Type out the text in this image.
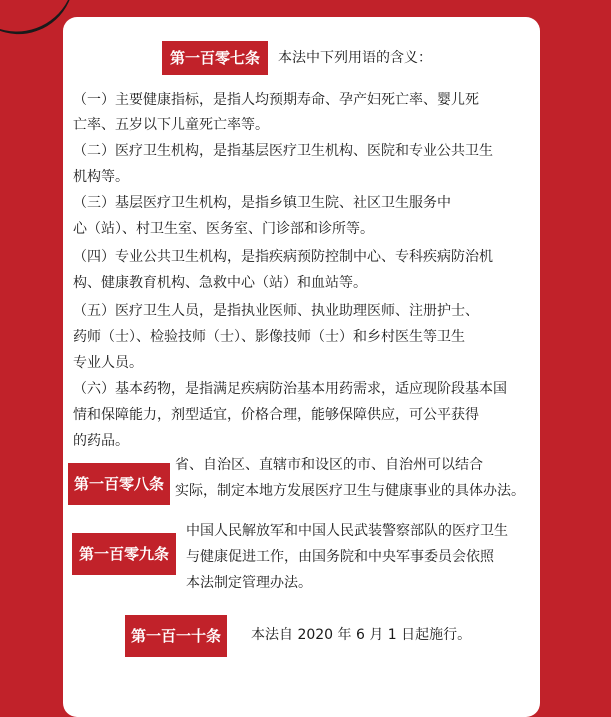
第一百零七条	本法中下列用语的含义：
（一）主要健康指标，是指人均预期寿命、孕产妇死亡率、婴儿死
亡率、五岁以下儿童死亡率等。
（二）医疗卫生机构，是指基层医疗卫生机构、医院和专业公共卫生
机构等。
（三）基层医疗卫生机构，是指乡镇卫生院、社区卫生服务中
心（站）、村卫生室、医务室、门诊部和诊所等。
（四）专业公共卫生机构，是指疾病预防控制中心、专科疾病防治机
构、健康教育机构、急救中心（站）和血站等。
（五）医疗卫生人员，是指执业医师、执业助理医师、注册护士、
药师（士）、检验技师（士）、影像技师（士）和乡村医生等卫生
专业人员。
（六）基本药物，是指满足疾病防治基本用药需求，适应现阶段基本国
情和保障能力，剂型适宜，价格合理，能够保障供应，可公平获得
的药品。
第一百零八条
省、自治区、直辖市和设区的市、自治州可以结合
实际，制定本地方发展医疗卫生与健康事业的具体办法。
第一百零九条
中国人民解放军和中国人民武装警察部队的医疗卫生
与健康促进工作，由国务院和中央军事委员会依照
本法制定管理办法。
第一百一十条	本法自 2020 年 6 月 1 日起施行。
